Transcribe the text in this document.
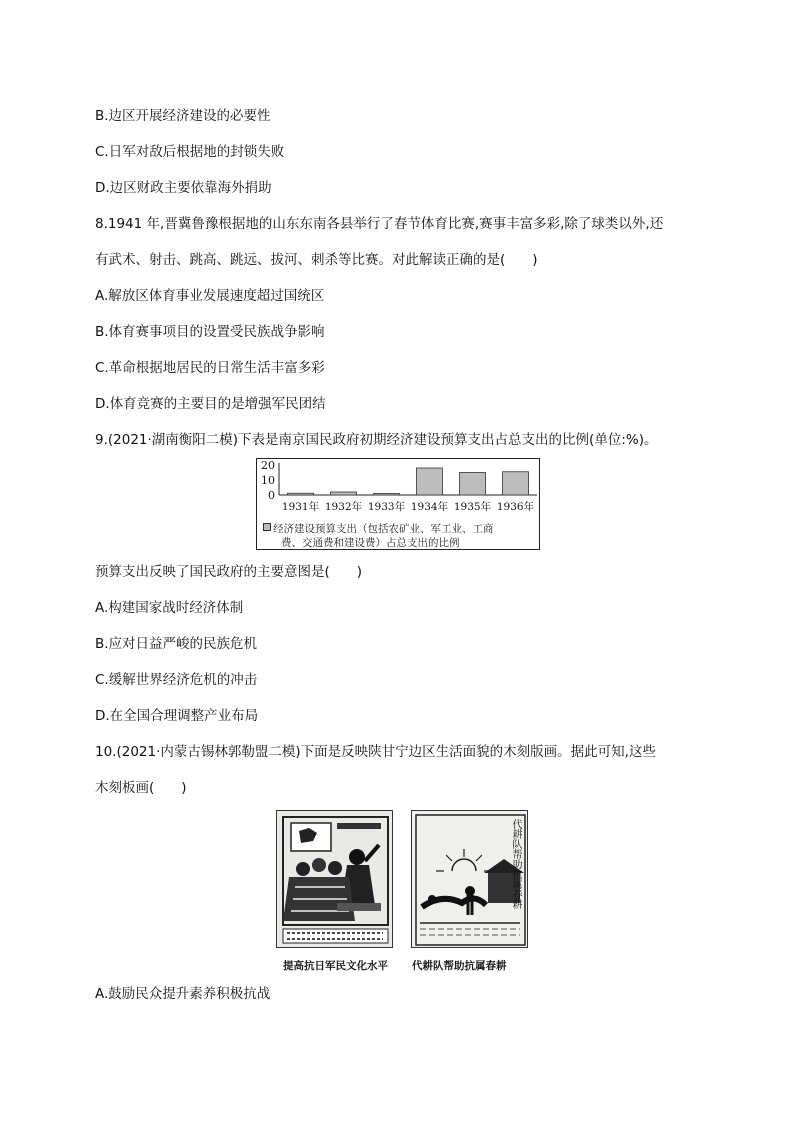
B.边区开展经济建设的必要性
C.日军对敌后根据地的封锁失败
D.边区财政主要依靠海外捐助
8.1941 年,晋冀鲁豫根据地的山东东南各县举行了春节体育比赛,赛事丰富多彩,除了球类以外,还
有武术、射击、跳高、跳远、拔河、刺杀等比赛。对此解读正确的是(　　)
A.解放区体育事业发展速度超过国统区
B.体育赛事项目的设置受民族战争影响
C.革命根据地居民的日常生活丰富多彩
D.体育竞赛的主要目的是增强军民团结
9.(2021·湖南衡阳二模)下表是南京国民政府初期经济建设预算支出占总支出的比例(单位:%)。
预算支出反映了国民政府的主要意图是(　　)
A.构建国家战时经济体制
B.应对日益严峻的民族危机
C.缓解世界经济危机的冲击
D.在全国合理调整产业布局
10.(2021·内蒙古锡林郭勒盟二模)下面是反映陕甘宁边区生活面貌的木刻版画。据此可知,这些
木刻板画(　　)
A.鼓励民众提升素养积极抗战
0
10
20
1931年 1932年 1933年 1934年 1935年 1936年
经济建设预算支出（包括农矿业、军工业、工商
费、交通费和建设费）占总支出的比例
代耕队帮助抗属春耕
提高抗日军民文化水平 代耕队帮助抗属春耕
